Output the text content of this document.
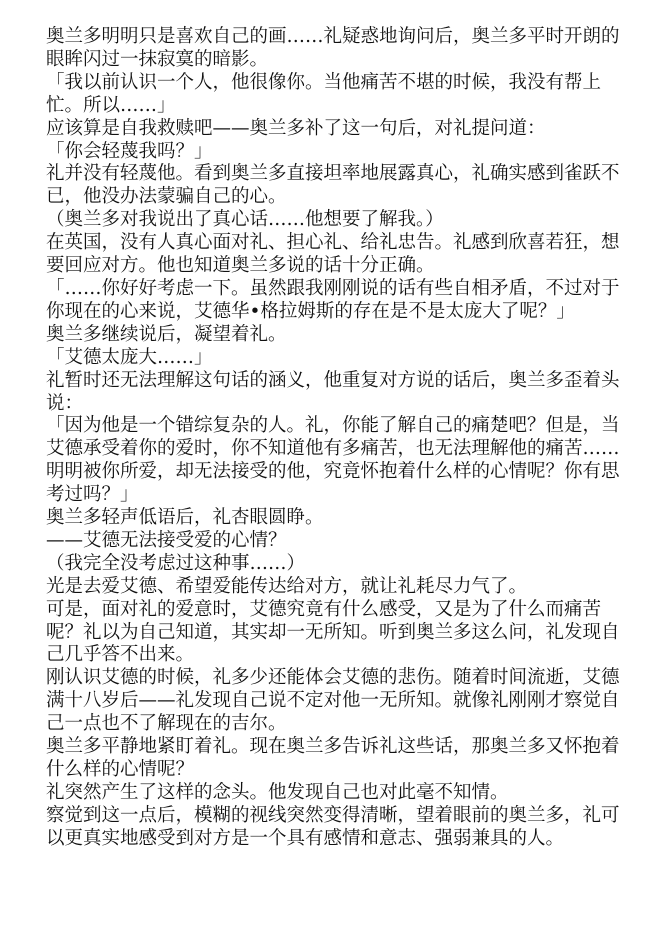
奥兰多明明只是喜欢自己的画……礼疑惑地询问后，奥兰多平时开朗的眼眸闪过一抹寂寞的暗影。

「我以前认识一个人，他很像你。当他痛苦不堪的时候，我没有帮上忙。所以……」

应该算是自我救赎吧——奥兰多补了这一句后，对礼提问道：

「你会轻蔑我吗？」

礼并没有轻蔑他。看到奥兰多直接坦率地展露真心，礼确实感到雀跃不已，他没办法蒙骗自己的心。

（奥兰多对我说出了真心话……他想要了解我。）

在英国，没有人真心面对礼、担心礼、给礼忠告。礼感到欣喜若狂，想要回应对方。他也知道奥兰多说的话十分正确。

「……你好好考虑一下。虽然跟我刚刚说的话有些自相矛盾，不过对于你现在的心来说，艾德华•格拉姆斯的存在是不是太庞大了呢？」

奥兰多继续说后，凝望着礼。

「艾德太庞大……」

礼暂时还无法理解这句话的涵义，他重复对方说的话后，奥兰多歪着头说：

「因为他是一个错综复杂的人。礼，你能了解自己的痛楚吧？但是，当艾德承受着你的爱时，你不知道他有多痛苦，也无法理解他的痛苦……明明被你所爱，却无法接受的他，究竟怀抱着什么样的心情呢？你有思考过吗？」

奥兰多轻声低语后，礼杏眼圆睁。

——艾德无法接受爱的心情？

（我完全没考虑过这种事……）

光是去爱艾德、希望爱能传达给对方，就让礼耗尽力气了。

可是，面对礼的爱意时，艾德究竟有什么感受，又是为了什么而痛苦呢？礼以为自己知道，其实却一无所知。听到奥兰多这么问，礼发现自己几乎答不出来。

刚认识艾德的时候，礼多少还能体会艾德的悲伤。随着时间流逝，艾德满十八岁后——礼发现自己说不定对他一无所知。就像礼刚刚才察觉自己一点也不了解现在的吉尔。

奥兰多平静地紧盯着礼。现在奥兰多告诉礼这些话，那奥兰多又怀抱着什么样的心情呢？

礼突然产生了这样的念头。他发现自己也对此毫不知情。

察觉到这一点后，模糊的视线突然变得清晰，望着眼前的奥兰多，礼可以更真实地感受到对方是一个具有感情和意志、强弱兼具的人。
